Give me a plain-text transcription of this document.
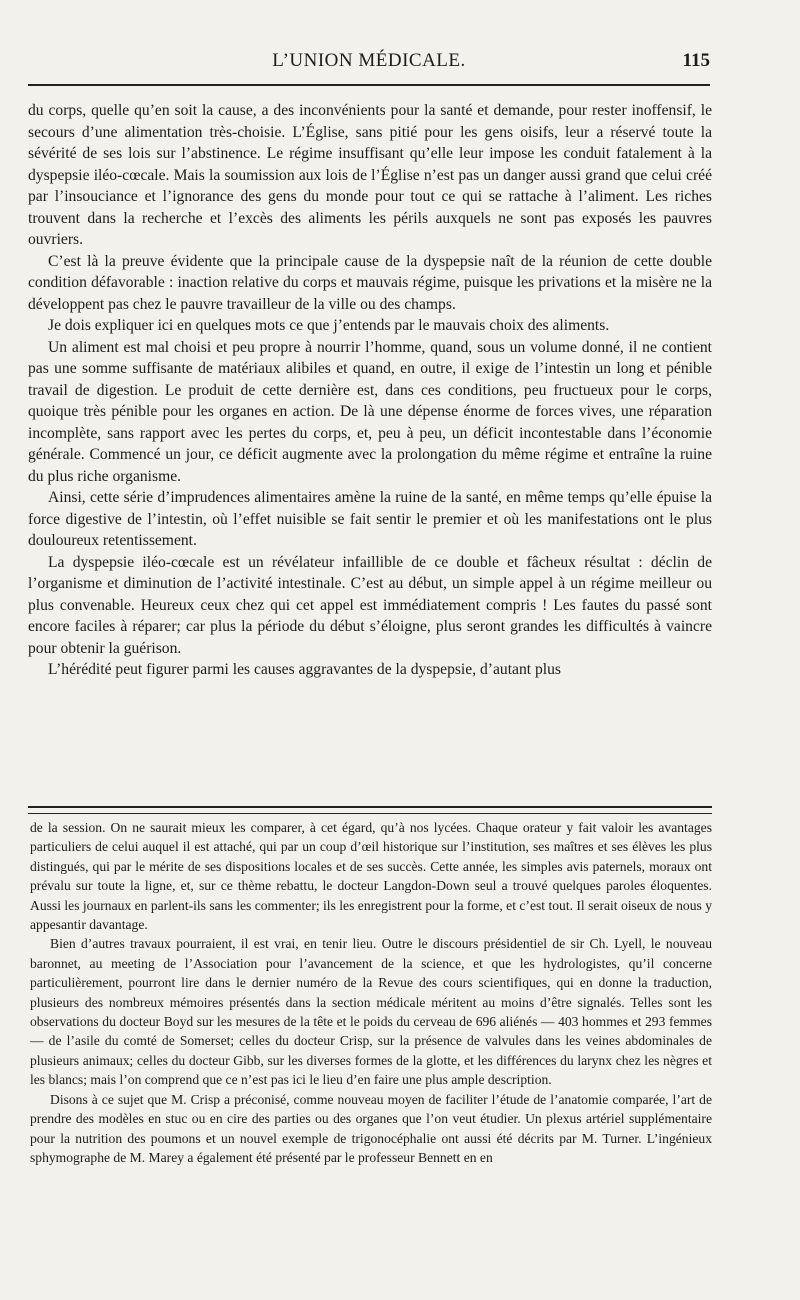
L’UNION MÉDICALE.	115

du corps, quelle qu’en soit la cause, a des inconvénients pour la santé et demande, pour rester inoffensif, le secours d’une alimentation très-choisie. L’Église, sans pitié pour les gens oisifs, leur a réservé toute la sévérité de ses lois sur l’abstinence. Le régime insuffisant qu’elle leur impose les conduit fatalement à la dyspepsie iléo-cœcale. Mais la soumission aux lois de l’Église n’est pas un danger aussi grand que celui créé par l’insouciance et l’ignorance des gens du monde pour tout ce qui se rattache à l’aliment. Les riches trouvent dans la recherche et l’excès des aliments les périls auxquels ne sont pas exposés les pauvres ouvriers.

C’est là la preuve évidente que la principale cause de la dyspepsie naît de la réunion de cette double condition défavorable : inaction relative du corps et mauvais régime, puisque les privations et la misère ne la développent pas chez le pauvre travailleur de la ville ou des champs.

Je dois expliquer ici en quelques mots ce que j’entends par le mauvais choix des aliments.

Un aliment est mal choisi et peu propre à nourrir l’homme, quand, sous un volume donné, il ne contient pas une somme suffisante de matériaux alibiles et quand, en outre, il exige de l’intestin un long et pénible travail de digestion. Le produit de cette dernière est, dans ces conditions, peu fructueux pour le corps, quoique très pénible pour les organes en action. De là une dépense énorme de forces vives, une réparation incomplète, sans rapport avec les pertes du corps, et, peu à peu, un déficit incontestable dans l’économie générale. Commencé un jour, ce déficit augmente avec la prolongation du même régime et entraîne la ruine du plus riche organisme.

Ainsi, cette série d’imprudences alimentaires amène la ruine de la santé, en même temps qu’elle épuise la force digestive de l’intestin, où l’effet nuisible se fait sentir le premier et où les manifestations ont le plus douloureux retentissement.

La dyspepsie iléo-cœcale est un révélateur infaillible de ce double et fâcheux résultat : déclin de l’organisme et diminution de l’activité intestinale. C’est au début, un simple appel à un régime meilleur ou plus convenable. Heureux ceux chez qui cet appel est immédiatement compris ! Les fautes du passé sont encore faciles à réparer; car plus la période du début s’éloigne, plus seront grandes les difficultés à vaincre pour obtenir la guérison.

L’hérédité peut figurer parmi les causes aggravantes de la dyspepsie, d’autant plus

de la session. On ne saurait mieux les comparer, à cet égard, qu’à nos lycées. Chaque orateur y fait valoir les avantages particuliers de celui auquel il est attaché, qui par un coup d’œil historique sur l’institution, ses maîtres et ses élèves les plus distingués, qui par le mérite de ses dispositions locales et de ses succès. Cette année, les simples avis paternels, moraux ont prévalu sur toute la ligne, et, sur ce thème rebattu, le docteur Langdon-Down seul a trouvé quelques paroles éloquentes. Aussi les journaux en parlent-ils sans les commenter; ils les enregistrent pour la forme, et c’est tout. Il serait oiseux de nous y appesantir davantage.

Bien d’autres travaux pourraient, il est vrai, en tenir lieu. Outre le discours présidentiel de sir Ch. Lyell, le nouveau baronnet, au meeting de l’Association pour l’avancement de la science, et que les hydrologistes, qu’il concerne particulièrement, pourront lire dans le dernier numéro de la Revue des cours scientifiques, qui en donne la traduction, plusieurs des nombreux mémoires présentés dans la section médicale méritent au moins d’être signalés. Telles sont les observations du docteur Boyd sur les mesures de la tête et le poids du cerveau de 696 aliénés — 403 hommes et 293 femmes — de l’asile du comté de Somerset; celles du docteur Crisp, sur la présence de valvules dans les veines abdominales de plusieurs animaux; celles du docteur Gibb, sur les diverses formes de la glotte, et les différences du larynx chez les nègres et les blancs; mais l’on comprend que ce n’est pas ici le lieu d’en faire une plus ample description.

Disons à ce sujet que M. Crisp a préconisé, comme nouveau moyen de faciliter l’étude de l’anatomie comparée, l’art de prendre des modèles en stuc ou en cire des parties ou des organes que l’on veut étudier. Un plexus artériel supplémentaire pour la nutrition des poumons et un nouvel exemple de trigonocéphalie ont aussi été décrits par M. Turner. L’ingénieux sphymographe de M. Marey a également été présenté par le professeur Bennett en en
